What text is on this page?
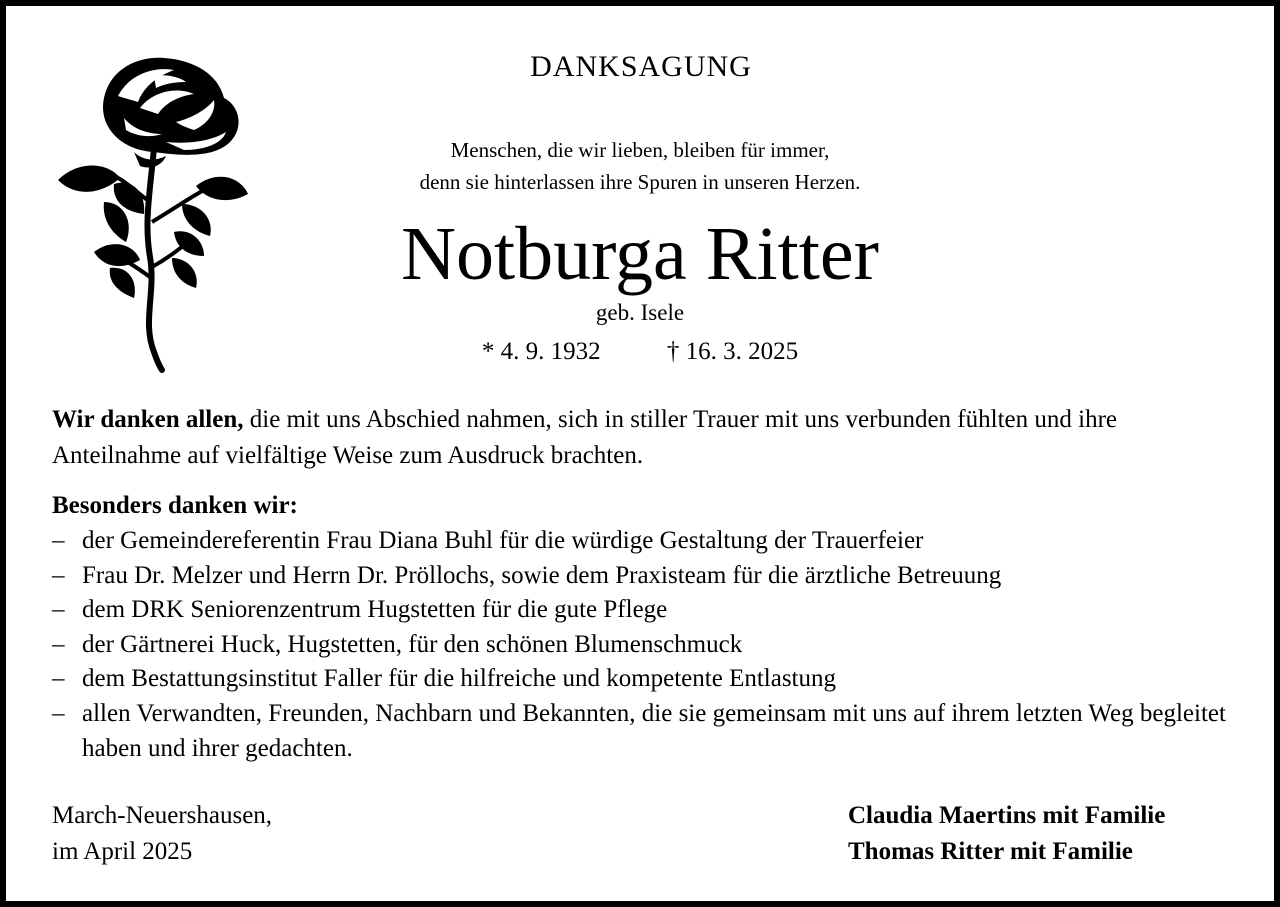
DANKSAGUNG
Menschen, die wir lieben, bleiben für immer,
denn sie hinterlassen ihre Spuren in unseren Herzen.
Notburga Ritter
geb. Isele
* 4. 9. 1932	† 16. 3. 2025
Wir danken allen, die mit uns Abschied nahmen, sich in stiller Trauer mit uns verbunden fühlten und ihre Anteilnahme auf vielfältige Weise zum Ausdruck brachten.
Besonders danken wir:
– der Gemeindereferentin Frau Diana Buhl für die würdige Gestaltung der Trauerfeier
– Frau Dr. Melzer und Herrn Dr. Pröllochs, sowie dem Praxisteam für die ärztliche Betreuung
– dem DRK Seniorenzentrum Hugstetten für die gute Pflege
– der Gärtnerei Huck, Hugstetten, für den schönen Blumenschmuck
– dem Bestattungsinstitut Faller für die hilfreiche und kompetente Entlastung
– allen Verwandten, Freunden, Nachbarn und Bekannten, die sie gemeinsam mit uns auf ihrem letzten Weg begleitet haben und ihrer gedachten.
March-Neuershausen,
im April 2025
Claudia Maertins mit Familie
Thomas Ritter mit Familie
